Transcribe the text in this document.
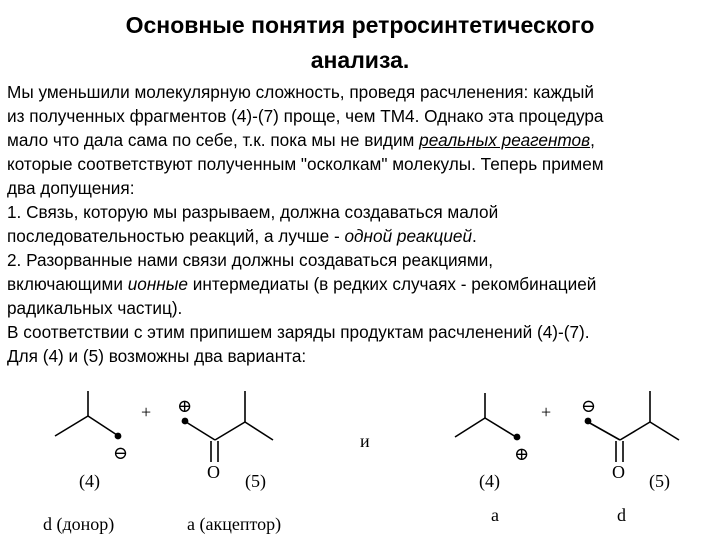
Основные понятия ретросинтетического
анализа.
Мы уменьшили молекулярную сложность, проведя расчленения: каждый
из полученных фрагментов (4)-(7) проще, чем ТМ4. Однако эта процедура
мало что дала сама по себе, т.к. пока мы не видим реальных реагентов,
которые соответствуют полученным "осколкам" молекулы. Теперь примем
два допущения:
1. Связь, которую мы разрываем, должна создаваться малой
последовательностью реакций, а лучше - одной реакцией.
2. Разорванные нами связи должны создаваться реакциями,
включающими ионные интермедиаты (в редких случаях - рекомбинацией
радикальных частиц).
В соответствии с этим припишем заряды продуктам расчленений (4)-(7).
Для (4) и (5) возможны два варианта:
⊖
⊕
⊕
⊖
+	+
и
O	O
(4)	(5)	(4)	(5)
d (донор)	a (акцептор)	a	d
